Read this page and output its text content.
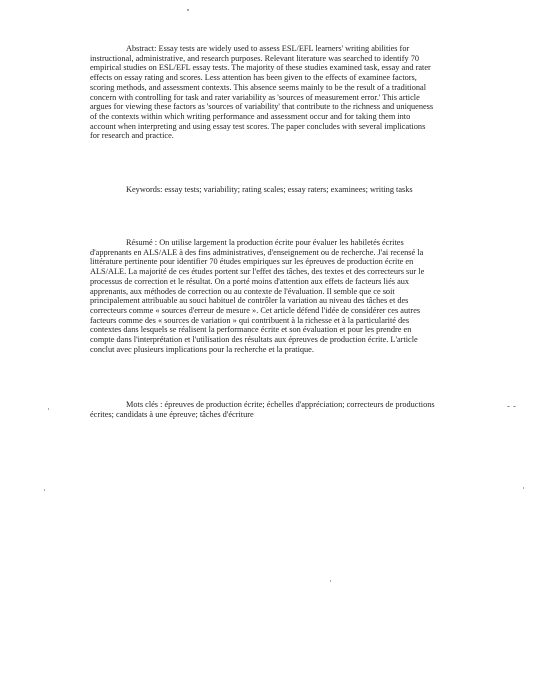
Abstract: Essay tests are widely used to assess ESL/EFL learners' writing abilities for instructional, administrative, and research purposes. Relevant literature was searched to identify 70 empirical studies on ESL/EFL essay tests. The majority of these studies examined task, essay and rater effects on essay rating and scores. Less attention has been given to the effects of examinee factors, scoring methods, and assessment contexts. This absence seems mainly to be the result of a traditional concern with controlling for task and rater variability as 'sources of measurement error.' This article argues for viewing these factors as 'sources of variability' that contribute to the richness and uniqueness of the contexts within which writing performance and assessment occur and for taking them into account when interpreting and using essay test scores. The paper concludes with several implications for research and practice.

Keywords: essay tests; variability; rating scales; essay raters; examinees; writing tasks

Résumé : On utilise largement la production écrite pour évaluer les habiletés écrites d'apprenants en ALS/ALE à des fins administratives, d'enseignement ou de recherche. J'ai recensé la littérature pertinente pour identifier 70 études empiriques sur les épreuves de production écrite en ALS/ALE. La majorité de ces études portent sur l'effet des tâches, des textes et des correcteurs sur le processus de correction et le résultat. On a porté moins d'attention aux effets de facteurs liés aux apprenants, aux méthodes de correction ou au contexte de l'évaluation. Il semble que ce soit principalement attribuable au souci habituel de contrôler la variation au niveau des tâches et des correcteurs comme « sources d'erreur de mesure ». Cet article défend l'idée de considérer ces autres facteurs comme des « sources de variation » qui contribuent à la richesse et à la particularité des contextes dans lesquels se réalisent la performance écrite et son évaluation et pour les prendre en compte dans l'interprétation et l'utilisation des résultats aux épreuves de production écrite. L'article conclut avec plusieurs implications pour la recherche et la pratique.

Mots clés : épreuves de production écrite; échelles d'appréciation; correcteurs de productions écrites; candidats à une épreuve; tâches d'écriture
